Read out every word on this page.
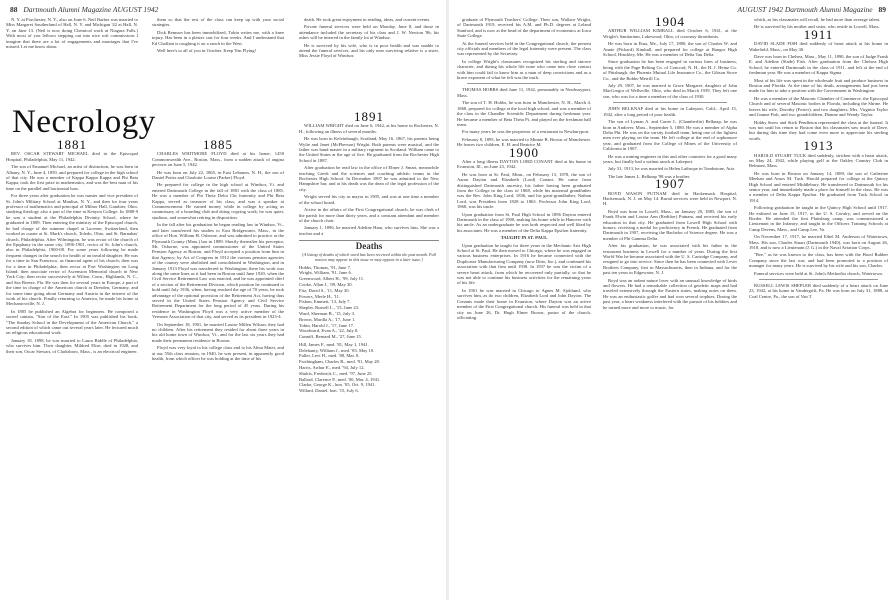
88 Dartmouth Alumni Magazine AUGUST 1942

N. Y. at Porchester, N. Y., also on June 6. Neil Barber was married to Miss Margaret Southerland of Hall, N. Y. and Michigan '42 at Hall, N. Y. on June 13. (Neil is now doing Chemical work at Niagara Falls.) With most of you fellows stepping out into nice soft commissions I imagine that there are a lot of engagements and marriages that I've missed. Let me know about

them so that the rest of the class can keep up with your social strategies.

Dick Remson has been immobilized, Tobin writes me, with a knee injury. Has been in a plaster cast for four weeks. And I understand that Ed Chalfant is roughing it on a ranch in the West.

Well here's to all of you in October. Keep 'Em Flying!

death. He took great enjoyment in reading, ideas, and current events.

Private funeral services were held on Monday, June 8, and those in attendance included the secretary of his class and J. W. Newton '86; his ashes will be interred in the family lot at Windsor.

He is survived by his wife, who is in poor health and was unable to attend the funeral services, and his only near surviving relative is a sister, Miss Jessie Floyd of Windsor.

Necrology
1881

REV. OSCAR STEWART MICHAEL died in the Episcopal Hospital, Philadelphia, May 11, 1942.

The son of Emanuel Michael, an artist of distinction, he was born in Albany, N. Y., June 4, 1859, and prepared for college in the high school of that city. He was a member of Kappa Kappa Kappa and Phi Beta Kappa, took the first prize in mathematics, and was the best man of his time on the parallel and horizontal bars.

For three years after graduation he was master and vice president of St. John's Military School at Manlius, N. Y., and then for four years professor of mathematics and principal of Milnor Hall, Gambier, Ohio, studying theology also a part of the time at Kenyon College. In 1888-9 he was a student at the Philadelphia Divinity School, where he graduated in 1889. Then entering the ministry of the Episcopal church, he had charge of the summer chapel at Lucerne, Switzerland, then worked as curate at St. Mark's church, Toledo, Ohio, and St. Barnabas' church, Philadelphia. After Wilmington, he was rector of the church of the Epiphany in the same city, 1896-1901, rector of St. John's church, also in Philadelphia, 1900-08. For some years following he made frequent changes in the search for health of an invalid daughter. He was for a time in San Francisco, as financial agent of his church; then was for a time in Philadelphia; then rector at Port Washington on Long Island; then associate rector of Ascension Memorial church in New York City; then rector successively at Wilton, Conn., Highlands, N. C., and Sea Breeze, Fla. He was then for several years in Europe, a part of the time in charge of the American church at Dresden, Germany, and for some time going about Germany and Austria in the interest of the work of his church. Finally returning to America, he made his home at Mechanicsville, N. J.

In 1885 he published an Algebra for beginners. He composed a sacred cantata, "Star of the East." In 1905 was published his book, "The Sunday School in the Development of the American Church," a second edition of which came out several years later. He lectured much on religious educational work.

January 18, 1898, he was married to Laura Biddle of Philadelphia, who survives him. Their daughter, Mildred Elise, died in 1928, and their son, Oscar Stewart, of Clarksboro, Mass., is an electrical engineer.

1885

CHARLES WHITMORE FLOYD died at his home, 1450 Commonwealth Ave., Boston, Mass., from a sudden attack of angina pectoris on June 5, 1942.

He was born on July 22, 1865, in East Lebanon, N. H., the son of Daniel Potter and Charlotte Louise (Parker) Floyd.

He prepared for college in the high school at Windsor, Vt. and entered Dartmouth College in the fall of 1881 with the class of 1885. He was a member of Phi Theta Delta Chi fraternity and Phi Beta Kappa, served as treasurer of his class, and was a speaker at Commencement. He earned money while in college by acting as commissary of a boarding club and doing copying work; he was quiet, studious, and somewhat retiring in disposition.

In the fall after his graduation he began reading law in Windsor, Vt., and later transferred his studies to East Bridgewater, Mass., in the office of Hon. William H. Osborne, and was admitted to practice at the Plymouth County (Mass.) bar in 1889. Shortly thereafter his preceptor, Mr. Osborne, was appointed commissioner of the United States Pension Agency at Boston, and Floyd accepted a position from him in that Agency; by Act of Congress in 1912 the various pension agencies of the country were abolished and consolidated in Washington, and in January 1913 Floyd was transferred to Washington; there his work was along the same lines as it had been in Boston until June 1920, when the Civil Service Retirement Law was enacted, and he was appointed chief of a section of the Retirement Division, which position he continued to hold until July 1936, when, having reached the age of 70 years, he took advantage of the optional provision of the Retirement Act, having thus served in the United States Pension Agency and Civil Service Retirement Department for the long period of 45 years. During his residence in Washington Floyd was a very active member of the Vermont Association of that city, and served as its president in 1923-4.

On September 18, 1901, he married Louise Millen Wilson; they had no children. After his retirement they resided for about three years in his old home town of Windsor, Vt., and for the last six years they had made their permanent residence in Boston.

Floyd was very loyal to his college class and to his Alma Mater, and at our 55th class reunion, in 1940, he was present, in apparently good health, from which officer he was holding at the time of his

1891

WILLIAM WRIGHT died on June 6, 1942, at his home in Rochester, N. H., following an illness of several months.

He was born in Kelvinbaugh, Scotland, May 16, 1867, his parents being Wylie and Janet (McPherson) Wright. Both parents were musical, and the father was band master in a military regiment in Scotland. William came to the United States at the age of five. He graduated from the Rochester High School in 1887.

After graduation he read law in the office of Elmer J. Smart, meanwhile teaching Greek and the sciences and coaching athletic teams in the Rochester High School. In December 1897 he was admitted to the New Hampshire bar, and at his death was the dean of the legal profession of the city.

Wright served his city as mayor in 1905, and was at one time a member of the school board.

Active in the affairs of the First Congregational church, he was clerk of the parish for more than thirty years, and a constant attendant and member of the church choir.

January 1, 1896, he married Adeline Ham, who survives him. She was a teacher and a

Deaths
[A listing of deaths of which word has been received within the past month. Full notices may appear in this issue or may appear in a later issue.]
Hobbs, Thomas, '91, June 7.
Wright, William, '91, June 6.
Greenwood, Albert H., '99, July 11.
Cooke, Allan J., '09, May 30.
Fitz, David S., '11, May 30.
Powers, Merle H., '11.
Pishon, Emmett, '13, July 7.
Shepler, Russell L., '15, June 23.
Ward, Sherman B., '15, July 3.
Brown, Mardla A., '17, June 1.
Tobin, Harold J., '17, June 17.
Woodward, Evan A., '22, July 8.
Cunniff, Bernard M., '27, June 15.
Hill, James F., med. '81, May 1, 1941.
Delehanty, William J., med. '83, May 10.
Fuller, Levi H., med. '88, Mar. 8.
Frothingham, Charles B., med. '91, May 28.
Harris, Arthur E., med. '94, July 12.
Shultis, Frederick C., med. '97, June 25.
Ballard, Clarence P., med. '00, Mar. 4, 1941.
Clarke, George K., hon. '05, Oct. 9, 1941.
Willard, Daniel, hon. '15, July 6.
AUGUST 1942 Dartmouth Alumni Magazine 89

graduate of Plymouth Teachers' College. Their son, Wallace Wright, of Dartmouth 1919, received his A.M. and Ph.D. degrees at Leland Stanford, and is now at the head of the department of economics at Iowa State College.

At the funeral services held in the Congregational church, the present city officials and members of the legal fraternity were present. The class was represented by the Secretary.

In college Wright's classmates recognized his sterling and sincere character, and during his whole life none who came into close contact with him could fail to know him as a man of deep convictions and as a brave exponent of what he felt was the truth.

THOMAS HOBBS died June 11, 1942, presumably in Newburyport, Mass.

The son of T. H. Hobbs, he was born in Manchester, N. H., March 4, 1868, prepared for college at the local high school, and was a member of the class in the Chandler Scientific Department during freshman year. He became a member of Beta Theta Pi, and played on the freshman ball team.

For many years he was the proprietor of a restaurant in Newburyport.

February 8, 1895, he was married to Minnie B. Brown of Manchester. He leaves two children, E. H. and Beatrice M.

1900

After a long illness DAYTON LORD CONANT died at his home in Evanston, Ill., on June 23, 1942.

He was born at St. Paul, Minn., on February 13, 1878, the son of Aaron Dayton and Elizabeth (Lord) Conant. He came from distinguished Dartmouth ancestry, his father having been graduated from the College in the class of 1868, while his maternal grandfather was the Rev. John King Lord, 1836, and his great-grandfather, Nathan Lord, was President from 1828 to 1863. Professor John King Lord, 1868, was his uncle.

Upon graduation from St. Paul High School in 1896 Dayton entered Dartmouth in the class of 1900, making his home while in Hanover with his uncle. As an undergraduate he was both respected and well liked by his associates. He was a member of the Delta Kappa Epsilon fraternity.

TAUGHT IN ST. PAUL

Upon graduation he taught for three years in the Mechanic Arts High School at St. Paul. He then moved to Chicago, where he was engaged in various business enterprises. In 1916 he became connected with the Duplicator Manufacturing Company (now Ditto, Inc.), and continued his association with that firm until 1938. In 1937 he was the victim of a severe heart attack, from which he recovered only partially, so that he was not able to continue his business activities for the remaining years of his life.

In 1901 he was married in Chicago to Agnes M. Sjoblund, who survives him, as do two children, Elizabeth Lord and John Dayton. The Conants made their home in Evanston, where Dayton was an active member of the First Congregational church. His funeral was held in that city on June 26, Dr. Hugh Elmer Brown, pastor of the church, officiating.

1904

ARTHUR WILLIAM KIMBALL died October 6, 1941, at the Wright's Sanitarium, Lakewood, Ohio, of coronary thrombosis.

He was born in Etna, Me., July 17, 1880, the son of Charles W. and Annie (Pickard) Kimball, and prepared for college at Bangor High School, Hinckley, Me. He was a member of Delta Tau Delta.

Since graduation he has been engaged in various lines of business, being with the Page Belting Co. of Concord, N. H., the H. J. Heinz Co. of Pittsburgh, the Phoenix Mutual Life Insurance Co., the Gibson Stove Co., and the Bobbs-Merrill Co.

July 29, 1907, he was married to Grace Margaret, daughter of John MacGregor of Wellsville, Ohio, who died in March 1939. They left one son, who was for a time a member of the class of 1930.

JOHN BELKNAP died at his home in Lakeport, Calif., April 15, 1942, after a long period of poor health.

The son of Lyman A. and Carrie L. (Chamberlin) Belknap, he was born in Andover, Mass., September 5, 1880. He was a member of Alpha Delta Phi. He was on the varsity football team, being one of the lightest men ever playing on the team. He left college at the end of sophomore year, and graduated from the College of Mines of the University of California in 1907.

He was a mining engineer in this and other countries for a good many years, but finally had a walnut ranch at Lakeport.

July 31, 1913, he was married to Helen Lathrope in Tombstone, Ariz.

The late James L. Belknap '98 was a brother.

1907

BOYD WASON PUTNAM died in Hackensack Hospital, Hackensack, N. J. on May 14. Burial services were held in Newport, N. H.

Boyd was born in Lowell, Mass., on January 29, 1885, the son of Frank Elwin and Louisa Ann (Redifier) Putnam, and received his early education in that city. He graduated from Lowell High School with honors, receiving a medal for proficiency in French. He graduated from Dartmouth in 1907, receiving the Bachelor of Science degree. He was a member of Phi Gamma Delta.

After his graduation, he was associated with his father in the restaurant business in Lowell for a number of years. During the first World War he became associated with the U. S. Cartridge Company, and resigned to go into service. Since then he has been connected with Lever Brothers Company, first in Massachusetts, then in Indiana, and for the past ten years in Edgewater, N. J.

Boyd was an ardent nature lover with an unusual knowledge of birds and flowers. He had a remarkable collection of geodetic maps and had traveled extensively through the Eastern states, making notes on them. He was an enthusiastic golfer and had won several trophies. During the past year, a heart weakness interfered with the pursuit of his hobbies and he turned more and more to music, for

which, as his classmates will recall, he had more than average talent.

He is survived by his mother and sister, who reside in Lowell, Mass.

1911

DAVID SLADE FISH died suddenly of heart attack at his home in Wakefield, Mass., on May 30.

Dave was born in Chelsea, Mass., May 11, 1890, the son of Judge Frank E. and Adeline (Slade) Fish. After graduation from the Chelsea High School, he entered Dartmouth in the class of 1911, and left at the end of freshman year. He was a member of Kappa Sigma.

Most of his life was spent in the wholesale fruit and produce business in Boston and Florida. At the time of his death, arrangements had just been made for him to take a position with the Government in Washington.

He was a member of the Masonic Chamber of Commerce, the Episcopal Church and of several Masonic bodies in Florida, including the Shrine. He leaves his wife, Dorothy (Foster), and two daughters, Mrs. Virginia Taylor and Joanne Fish, and two grandchildren, Dianne and Wendy Taylor.

Hobby Snow and Stick Pendleton represented the class at the funeral. It was not until his return to Boston that his classmates saw much of Dave, but during this time they had come even more to appreciate his sterling worth.	1913

HAROLD STUART TUCK died suddenly, stricken with a heart attack, on May 24, 1942, while playing golf at the Oakley Country Club in Belmont, Mass.

He was born in Boston on January 14, 1889, the son of Catherine Meehan and Amos M. Tuck. Harold prepared for college at the Quincy High School and entered Middlebury. He transferred to Dartmouth for his senior year, and immediately made a place for himself in the class. He was a member of Delta Kappa Epsilon. He graduated from Tuck School in 1914.

Following graduation he taught in the Quincy High School until 1917. He enlisted on June 15, 1917, in the U. S. Cavalry, and served on the Border. He attended the first Plattsburg camp, was commissioned a Lieutenant in the Infantry, and taught in the Officers Training Schools at Camp Devens, Mass., and Camp Lee, Va.

On November 17, 1917, he married Ethel M. Anderson of Watertown, Mass. His son, Charles Stuart (Dartmouth 1940), was born on August 26, 1918, and is now a Lieutenant (J. G.) in the Naval Aviation Corps.

"Bee," as he was known to the class, has been with the Hood Rubber Company since the last war, and had been promoted to a position of manager for many years. He is survived by his wife and his son, Charles.

Funeral services were held at St. John's Methodist church, Watertown.

RUSSELL LEWIS SHEPLER died suddenly of a heart attack on June 23, 1942, at his home in Vandergrift, Pa. He was born on July 31, 1888, at Coal Centre, Pa., the son of Van T.
